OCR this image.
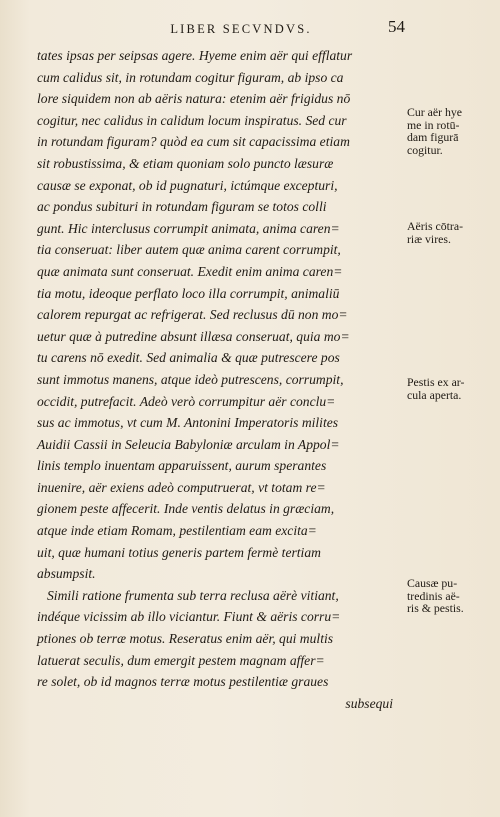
LIBER SECVNDVS.	54
tates ipsas per seipsas agere. Hyeme enim aër qui efflatur
cum calidus sit, in rotundam cogitur figuram, ab ipso ca
lore siquidem non ab aëris natura: etenim aër frigidus nō
cogitur, nec calidus in calidum locum inspiratus. Sed cur
in rotundam figuram? quòd ea cum sit capacissima etiam
sit robustissima, & etiam quoniam solo puncto læsuræ
causæ se exponat, ob id pugnaturi, ictúmque excepturi,
ac pondus subituri in rotundam figuram se totos colli
gunt. Hic interclusus corrumpit animata, anima caren=
tia conseruat: liber autem quæ anima carent corrumpit,
quæ animata sunt conseruat. Exedit enim anima caren=
tia motu, ideoque perflato loco illa corrumpit, animaliū
calorem repurgat ac refrigerat. Sed reclusus dū non mo=
uetur quæ à putredine absunt illæsa conseruat, quia mo=
tu carens nō exedit. Sed animalia & quæ putrescere pos
sunt immotus manens, atque ideò putrescens, corrumpit,
occidit, putrefacit. Adeò verò corrumpitur aër conclu=
sus ac immotus, vt cum M. Antonini Imperatoris milites
Auidii Cassii in Seleucia Babyloniæ arculam in Appol=
linis templo inuentam apparuissent, aurum sperantes
inuenire, aër exiens adeò computruerat, vt totam re=
gionem peste affecerit. Inde ventis delatus in græciam,
atque inde etiam Romam, pestilentiam eam excita=
uit, quæ humani totius generis partem fermè tertiam
absumpsit.
Simili ratione frumenta sub terra reclusa aërè vitiant,
indéque vicissim ab illo viciantur. Fiunt & aëris corru=
ptiones ob terræ motus. Reseratus enim aër, qui multis
latuerat seculis, dum emergit pestem magnam affer=
re solet, ob id magnos terræ motus pestilentiæ graues
subsequi
Cur aër hye
me in rotū-
dam figurā
cogitur.
Aëris cōtra-
riæ vires.
Pestis ex ar-
cula aperta.
Causæ pu-
tredinis aë-
ris & pestis.
